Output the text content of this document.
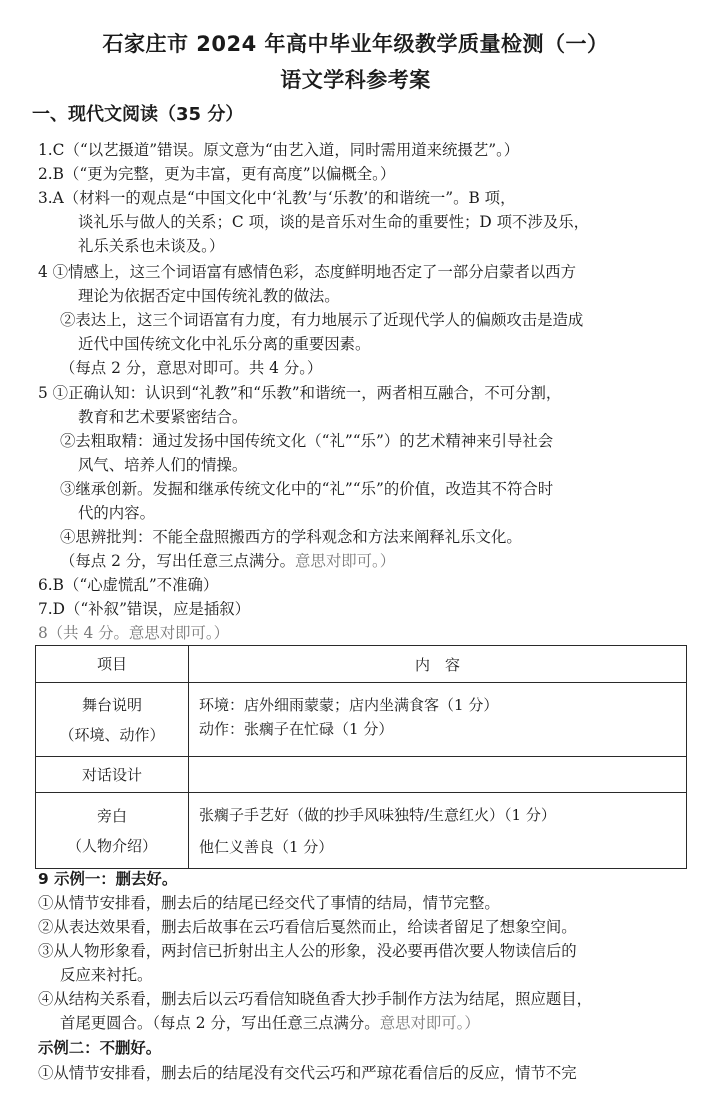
石家庄市 2024 年高中毕业年级教学质量检测（一）
语文学科参考案
一、现代文阅读（35 分）
1.C（“以艺摄道”错误。原文意为“由艺入道，同时需用道来统摄艺”。）
2.B（“更为完整，更为丰富，更有高度”以偏概全。）
3.A（材料一的观点是“中国文化中‘礼教’与‘乐教’的和谐统一”。B 项，
谈礼乐与做人的关系；C 项，谈的是音乐对生命的重要性；D 项不涉及乐，
礼乐关系也未谈及。）
4 ①情感上，这三个词语富有感情色彩，态度鲜明地否定了一部分启蒙者以西方
理论为依据否定中国传统礼教的做法。
②表达上，这三个词语富有力度，有力地展示了近现代学人的偏颇攻击是造成
近代中国传统文化中礼乐分离的重要因素。
（每点 2 分，意思对即可。共 4 分。）
5 ①正确认知：认识到“礼教”和“乐教”和谐统一，两者相互融合，不可分割，
教育和艺术要紧密结合。
②去粗取精：通过发扬中国传统文化（“礼”“乐”）的艺术精神来引导社会
风气、培养人们的情操。
③继承创新。发掘和继承传统文化中的“礼”“乐”的价值，改造其不符合时
代的内容。
④思辨批判：不能全盘照搬西方的学科观念和方法来阐释礼乐文化。
（每点 2 分，写出任意三点满分。意思对即可。）
6.B（“心虚慌乱”不准确）
7.D（“补叙”错误，应是插叙）
8（共 4 分。意思对即可。）
项目	内　容

舞台说明
（环境、动作）	环境：店外细雨蒙蒙；店内坐满食客（1 分）
动作：张瘸子在忙碌（1 分）

对话设计	

旁白
（人物介绍）	张瘸子手艺好（做的抄手风味独特/生意红火）（1 分）
他仁义善良（1 分）
9 示例一：删去好。
①从情节安排看，删去后的结尾已经交代了事情的结局，情节完整。
②从表达效果看，删去后故事在云巧看信后戛然而止，给读者留足了想象空间。
③从人物形象看，两封信已折射出主人公的形象，没必要再借次要人物读信后的
反应来衬托。
④从结构关系看，删去后以云巧看信知晓鱼香大抄手制作方法为结尾，照应题目，
首尾更圆合。（每点 2 分，写出任意三点满分。意思对即可。）
示例二：不删好。
①从情节安排看，删去后的结尾没有交代云巧和严琼花看信后的反应，情节不完
